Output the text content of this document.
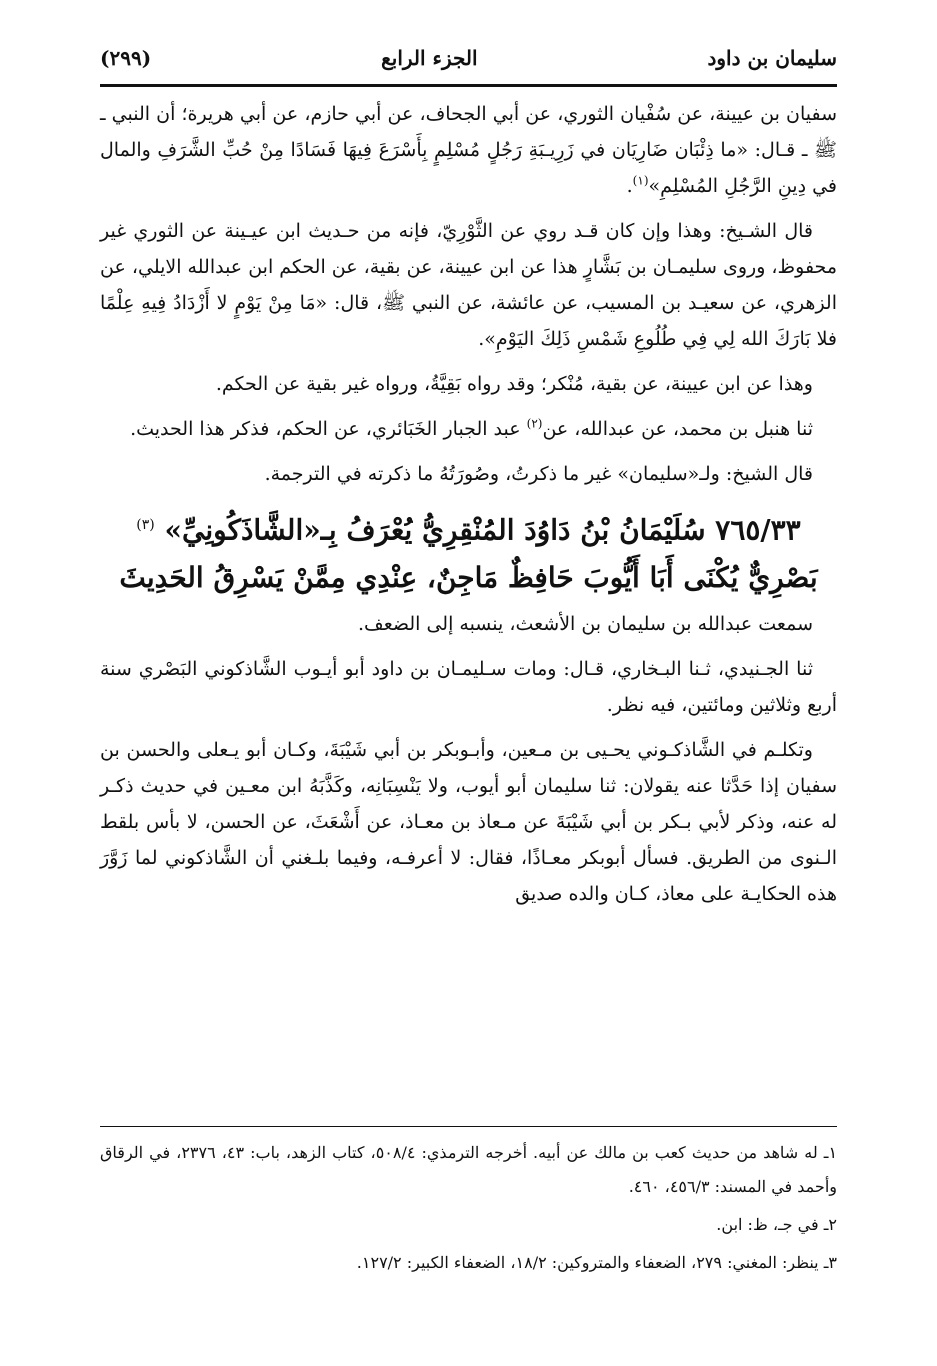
سليمان بن داود
الجزء الرابع
(٢٩٩)

سفيان بن عيينة، عن سُفْيان الثوري، عن أبي الجحاف، عن أبي حازم، عن أبي هريرة؛ أن النبي ـ ﷺ ـ قـال: «ما ذِئْبَان ضَارِيَان في زَرِيـبَةِ رَجُلٍ مُسْلِمٍ بِأَسْرَعَ فِيهَا فَسَادًا مِنْ حُبِّ الشَّرَفِ والمال في دِينِ الرَّجُلِ المُسْلِمِ»$^{(١)}$.

قال الشـيخ: وهذا وإن كان قـد روي عن الثَّوْرِيّ، فإنه من حـديث ابن عيـينة عن الثوري غير محفوظ، وروى سليمـان بن بَشَّارٍ هذا عن ابن عيينة، عن بقية، عن الحكم ابن عبدالله الايلي، عن الزهري، عن سعيـد بن المسيب، عن عائشة، عن النبي ﷺ، قال: «مَا مِنْ يَوْمٍ لا أَزْدَادُ فِيهِ عِلْمًا فلا بَارَكَ الله لِي فِي طُلُوعِ شَمْسِ ذَلِكَ اليَوْمِ».

وهذا عن ابن عيينة، عن بقية، مُنْكر؛ وقد رواه بَقِيَّةُ، ورواه غير بقية عن الحكم.

ثنا هنبل بن محمد، عن عبدالله، عن$^{(٢)}$ عبد الجبار الخَبَائري، عن الحكم، فذكر هذا الحديث.

قال الشيخ: ولـ«سليمان» غير ما ذكرتُ، وصُورَتُهُ ما ذكرته في الترجمة.

٧٦٥/٣٣ سُلَيْمَانُ بْنُ دَاوُدَ المُنْقِرِيُّ يُعْرَفُ بِـ«الشَّاذَكُونِيِّ» $^{(٣)}$
بَصْرِيٌّ يُكْنَى أَبَا أَيُّوبَ حَافِظٌ مَاجِنٌ، عِنْدِي مِمَّنْ يَسْرِقُ الحَدِيثَ

سمعت عبدالله بن سليمان بن الأشعث، ينسبه إلى الضعف.

ثنا الجـنيدي، ثـنا البـخاري، قـال: ومات سـليمـان بن داود أبو أيـوب الشَّاذكوني البَصْري سنة أربع وثلاثين ومائتين، فيه نظر.

وتكلـم في الشَّاذكـوني يحـيى بن مـعين، وأبـوبكر بن أبي شَيْبَةَ، وكـان أبو يـعلى والحسن بن سفيان إذا حَدَّثا عنه يقولان: ثنا سليمان أبو أيوب، ولا يَنْسِبَانِه، وكَذَّبَهُ ابن معـين في حديث ذكـر له عنه، وذكر لأبي بـكر بن أبي شَيْبَةَ عن مـعاذ بن معـاذ، عن أَشْعَثَ، عن الحسن، لا بأس بلقط الـنوى من الطريق. فسأل أبوبكر معـاذًا، فقال: لا أعرفـه، وفيما بلـغني أن الشَّاذكوني لما زَوَّرَ هذه الحكايـة على معاذ، كـان والده صديق

١ـ له شاهد من حديث كعب بن مالك عن أبيه. أخرجه الترمذي: ٥٠٨/٤، كتاب الزهد، باب: ٤٣، ٢٣٧٦، في الرقاق وأحمد في المسند: ٤٥٦/٣، ٤٦٠.

٢ـ في جـ، ظ: ابن.

٣ـ ينظر: المغني: ٢٧٩، الضعفاء والمتروكين: ١٨/٢، الضعفاء الكبير: ١٢٧/٢.
